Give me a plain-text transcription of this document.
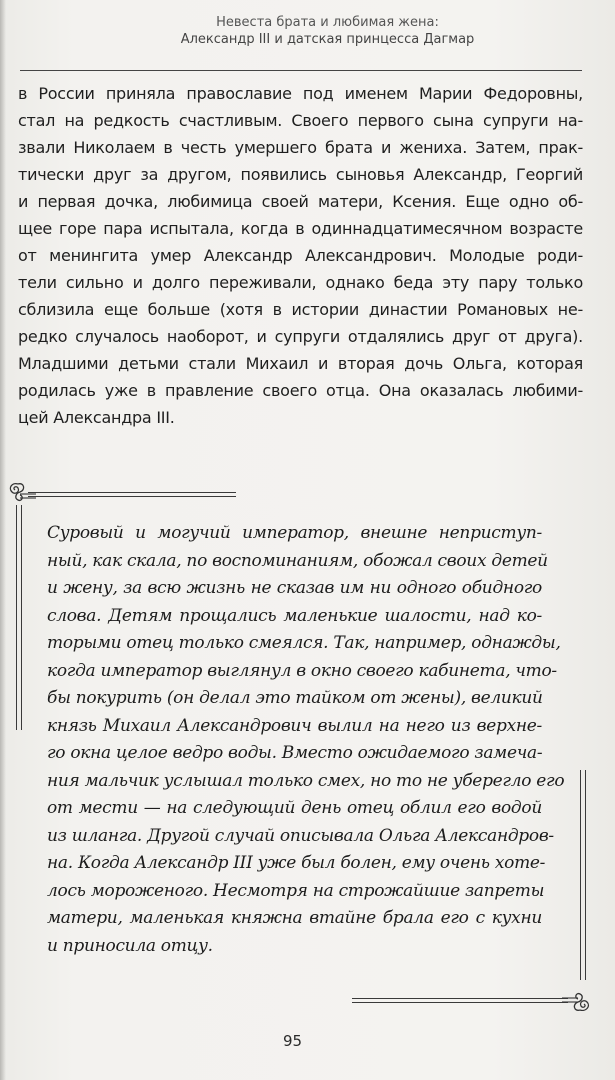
Невеста брата и любимая жена:
Александр III и датская принцесса Дагмар
в России приняла православие под именем Марии Федоровны,
стал на редкость счастливым. Своего первого сына супруги на-
звали Николаем в честь умершего брата и жениха. Затем, прак-
тически друг за другом, появились сыновья Александр, Георгий
и первая дочка, любимица своей матери, Ксения. Еще одно об-
щее горе пара испытала, когда в одиннадцатимесячном возрасте
от менингита умер Александр Александрович. Молодые роди-
тели сильно и долго переживали, однако беда эту пару только
сблизила еще больше (хотя в истории династии Романовых не-
редко случалось наоборот, и супруги отдалялись друг от друга).
Младшими детьми стали Михаил и вторая дочь Ольга, которая
родилась уже в правление своего отца. Она оказалась любими-
цей Александра III.
Суровый и могучий император, внешне неприступ-
ный, как скала, по воспоминаниям, обожал своих детей
и жену, за всю жизнь не сказав им ни одного обидного
слова. Детям прощались маленькие шалости, над ко-
торыми отец только смеялся. Так, например, однажды,
когда император выглянул в окно своего кабинета, что-
бы покурить (он делал это тайком от жены), великий
князь Михаил Александрович вылил на него из верхне-
го окна целое ведро воды. Вместо ожидаемого замеча-
ния мальчик услышал только смех, но то не уберегло его
от мести — на следующий день отец облил его водой
из шланга. Другой случай описывала Ольга Александров-
на. Когда Александр III уже был болен, ему очень хоте-
лось мороженого. Несмотря на строжайшие запреты
матери, маленькая княжна втайне брала его с кухни
и приносила отцу.
95
